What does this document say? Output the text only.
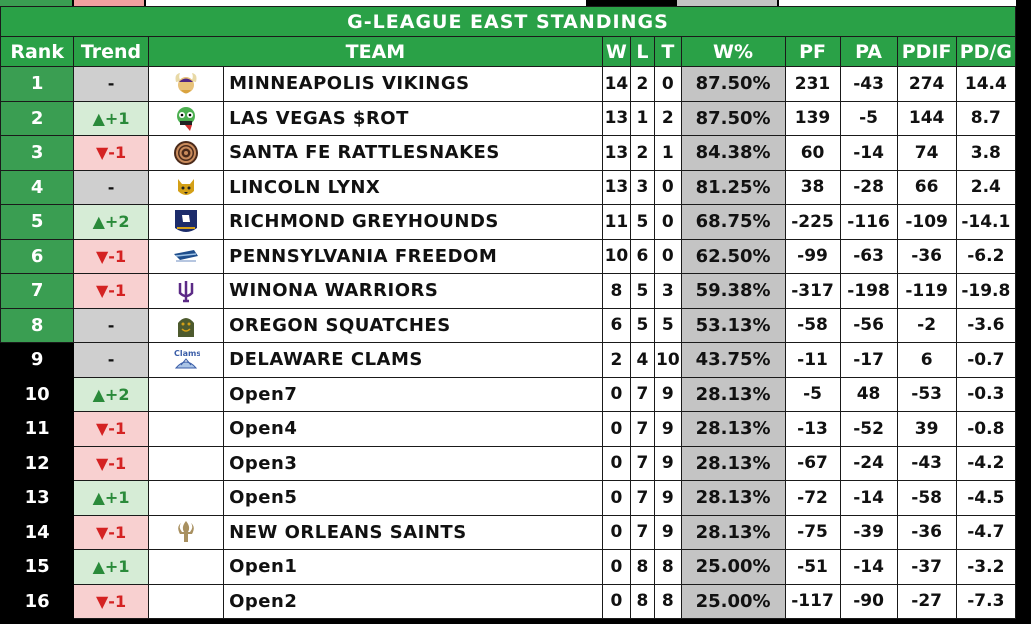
G-LEAGUE EAST STANDINGS											
Rank	Trend	TEAM		W	L	T	W%	PF	PA	PDIF	PD/G
1	-		MINNEAPOLIS VIKINGS	14	2	0	87.50%	231	-43	274	14.4
2	▲+1		LAS VEGAS $ROT	13	1	2	87.50%	139	-5	144	8.7
3	▼-1		SANTA FE RATTLESNAKES	13	2	1	84.38%	60	-14	74	3.8
4	-		LINCOLN LYNX	13	3	0	81.25%	38	-28	66	2.4
5	▲+2		RICHMOND GREYHOUNDS	11	5	0	68.75%	-225	-116	-109	-14.1
6	▼-1		PENNSYLVANIA FREEDOM	10	6	0	62.50%	-99	-63	-36	-6.2
7	▼-1		WINONA WARRIORS	8	5	3	59.38%	-317	-198	-119	-19.8
8	-		OREGON SQUATCHES	6	5	5	53.13%	-58	-56	-2	-3.6
9	-	Clams	DELAWARE CLAMS	2	4	10	43.75%	-11	-17	6	-0.7
10	▲+2		Open7	0	7	9	28.13%	-5	48	-53	-0.3
11	▼-1		Open4	0	7	9	28.13%	-13	-52	39	-0.8
12	▼-1		Open3	0	7	9	28.13%	-67	-24	-43	-4.2
13	▲+1		Open5	0	7	9	28.13%	-72	-14	-58	-4.5
14	▼-1		NEW ORLEANS SAINTS	0	7	9	28.13%	-75	-39	-36	-4.7
15	▲+1		Open1	0	8	8	25.00%	-51	-14	-37	-3.2
16	▼-1		Open2	0	8	8	25.00%	-117	-90	-27	-7.3
